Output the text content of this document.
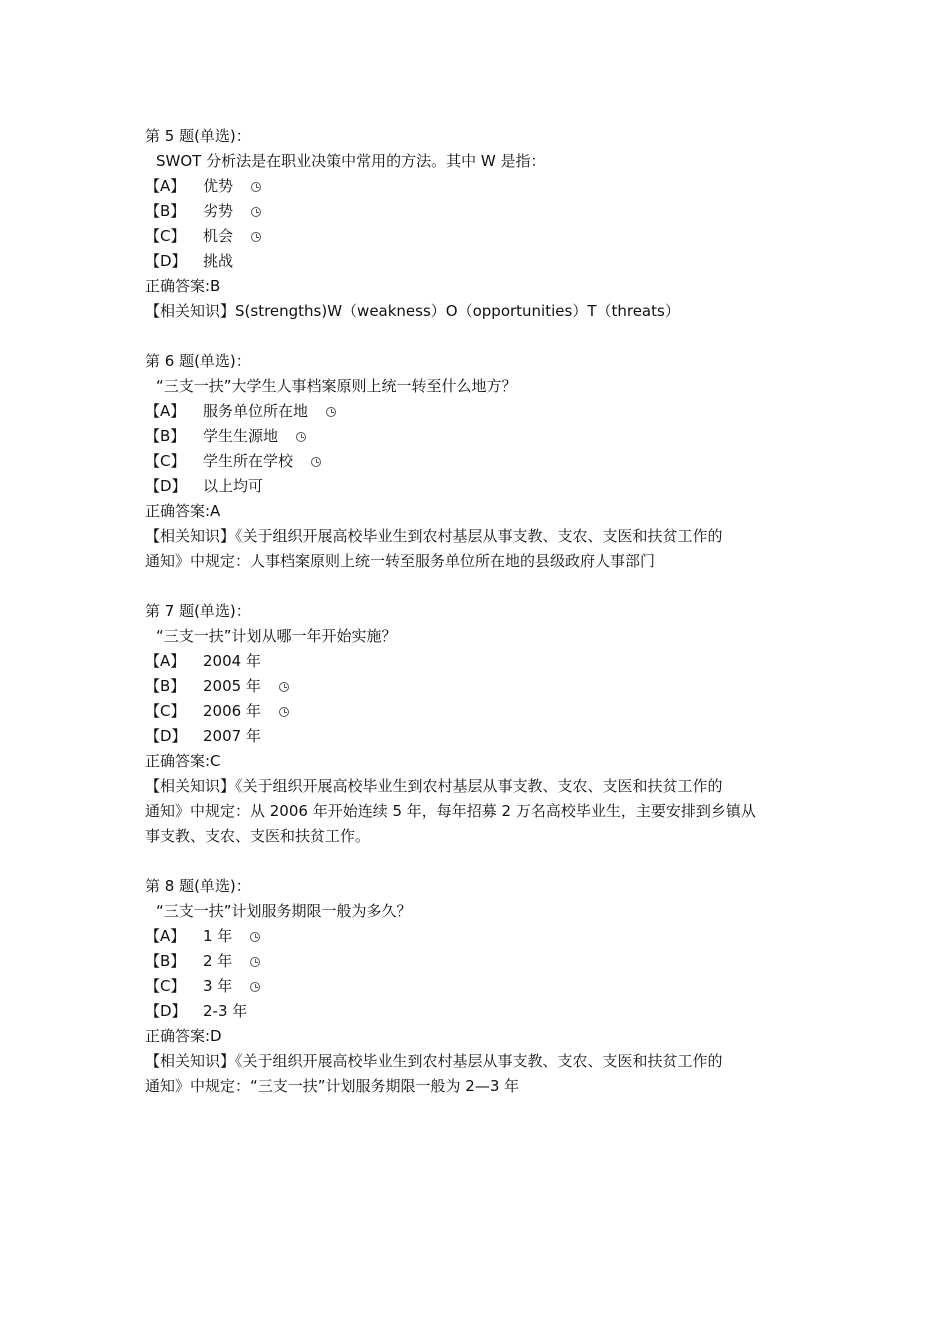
第 5 题(单选)：
SWOT 分析法是在职业决策中常用的方法。其中 W 是指：
【A】	优势
【B】	劣势
【C】	机会
【D】	挑战
正确答案:B
【相关知识】S(strengths)W（weakness）O（opportunities）T（threats）
第 6 题(单选)：
“三支一扶”大学生人事档案原则上统一转至什么地方？
【A】	服务单位所在地
【B】	学生生源地
【C】	学生所在学校
【D】	以上均可
正确答案:A
【相关知识】《关于组织开展高校毕业生到农村基层从事支教、支农、支医和扶贫工作的
通知》中规定：人事档案原则上统一转至服务单位所在地的县级政府人事部门
第 7 题(单选)：
“三支一扶”计划从哪一年开始实施？
【A】	2004 年
【B】	2005 年
【C】	2006 年
【D】	2007 年
正确答案:C
【相关知识】《关于组织开展高校毕业生到农村基层从事支教、支农、支医和扶贫工作的
通知》中规定：从 2006 年开始连续 5 年，每年招募 2 万名高校毕业生，主要安排到乡镇从
事支教、支农、支医和扶贫工作。
第 8 题(单选)：
“三支一扶”计划服务期限一般为多久？
【A】	1 年
【B】	2 年
【C】	3 年
【D】	2-3 年
正确答案:D
【相关知识】《关于组织开展高校毕业生到农村基层从事支教、支农、支医和扶贫工作的
通知》中规定：“三支一扶”计划服务期限一般为 2—3 年
